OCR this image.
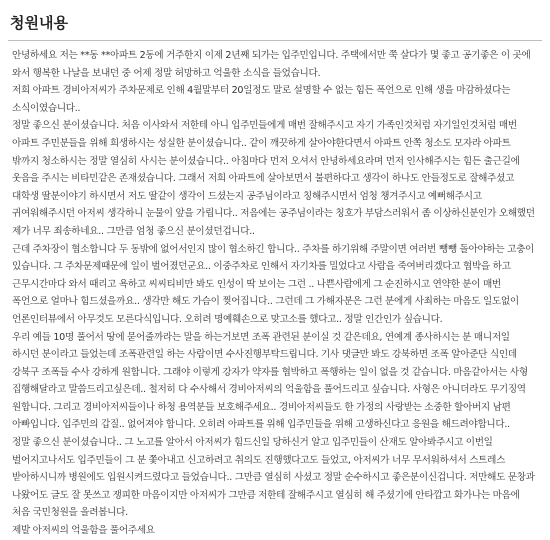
청원내용

안녕하세요 저는 **동 **아파트 2동에 거주한지 이제 2년째 되가는 입주민입니다. 주택에서만 쭉 살다가 몇 좋고 공기좋은 이 곳에 와서 행복한 나날을 보내던 중 어제 정말 허망하고 억울한 소식을 들었습니다.

저희 아파트 경비아저씨가 주차문제로 인해 4월말부터 20일정도 말로 설명할 수 없는 힘든 폭언으로 인해 생을 마감하셨다는 소식이였습니다..

정말 좋으신 분이셨습니다. 처음 이사와서 저한테 아니 입주민들에게 매번 잘해주시고 자기 가족인것처럼 자기일인것처럼 매번 아파트 주민분들을 위해 희생하시는 성실한 분이셨습니다.. 같이 깨끗하게 살아야한다면서 아파트 안쪽 청소도 모자라 아파트 밖까지 청소하시는 정말 열심히 사시는 분이셨습니다.. 아침마다 먼저 오셔서 안녕하세요라며 먼저 인사해주시는 힘든 출근길에 웃음을 주시는 비타민같은 존재셨습니다. 그래서 저희 아파트에 살아보면서 불편하다고 생각이 하나도 안들정도로 잘해주셨고 대학생 딸분이야기 하시면서 저도 딸같이 생각이 드셨는지 공주님이라고 칭해주시면서 엄청 챙겨주시고 예뻐해주시고 귀여워해주시던 아저씨 생각하니 눈물이 앞을 가립니다.. 저음에는 공주님이라는 칭호가 부담스러워서 좀 이상하신분인가 오해했던 제가 너무 죄송하네요.. 그만큼 엄청 좋으신 분이셨던겁니다..

근데 주차장이 협소합니다 두 동밖에 없어서인지 많이 협소하긴 합니다.. 주차를 하기위해 주말이면 여러번 뺑뺑 돌아야하는 고충이 있습니다. 그 주차문제때문에 일이 벌어졌던군요.. 이중주차로 인해서 자기차를 밀었다고 사람을 죽여버리겠다고 협박을 하고 근무시간마다 와서 때리고 욕하고 씨씨티비만 봐도 인성이 딱 보이는 그런 .. 나쁜사람에게 그 순진하시고 연약한 분이 매번 폭언으로 얼마나 힘드셨을까요.. 생각만 해도 가슴이 찢어집니다.. 그런데 그 가해자분은 그런 분에게 사죄하는 마음도 일도없이 언론인터뷰에서 아무것도 모른다식입니다. 오히려 명예훼손으로 맞고소를 했다고.. 정말 인간인가 싶습니다.

우리 예들 10명 풀어서 땅에 묻어줄까라는 말을 하는거보면 조폭 관련된 분이실 것 같은데요, 연예계 종사하시는 분 매니저일 하시던 분이라고 들었는데 조폭관련일 하는 사람이면 수사진행부탁드립니다. 기사 댓글만 봐도 강북하면 조폭 알아준단 식인데 강북구 조폭들 수사 강하게 원합니다. 그래야 이렇게 강자가 약자를 협박하고 폭행하는 일이 없을 것 같습니다. 마음같아서는 사형 집행해달라고 말씀드리고싶은데.. 철저히 다 수사해서 경비아저씨의 억울함을 풀어드리고 싶습니다. 사형은 아니더라도 무기징역 원합니다. 그리고 경비아저씨들이나 하청 용역분들 보호해주세요.. 경비아저씨들도 한 가정의 사랑받는 소중한 할아버지 남편 아빠입니다. 입주민의 갑질.. 없어져야 합니다. 오히려 아파트를 위해 입주민들을 위해 고생하신다고 응원을 해드려야합니다..

정말 좋으신 분이셨습니다.. 그 노고를 알아서 아저씨가 힘드신일 당하신거 알고 입주민들이 산재도 알아봐주시고 이번일 벌어지고나서도 입주민들이 그 분 쫓아내고 신고하려고 취의도 진행했다고도 들었고, 아저씨가 너무 무서워하셔서 스트레스 받아하시니까 병원에도 입원시켜드렸다고 들었습니다.. 그만큼 열심히 사셨고 정말 순수하시고 좋은분이신겁니다. 저만해도 문창과 나왔어도 글도 잘 못쓰고 쟁피한 마음이지만 아저씨가 그만큼 저한테 잘해주시고 열심히 해 주셨기에 안타깝고 화가나는 마음에 처음 국민청원을 올려봅니다.

제발 아저씨의 억울함을 풀어주세요
